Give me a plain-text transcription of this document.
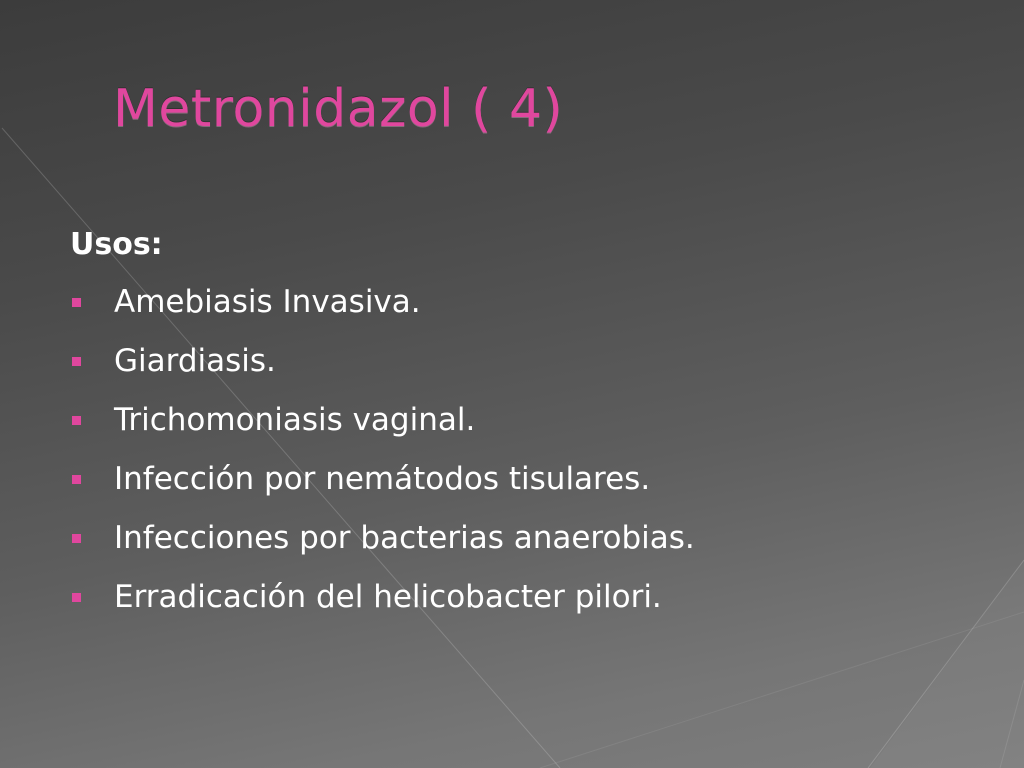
Metronidazol ( 4)
Usos:
Amebiasis Invasiva.
Giardiasis.
Trichomoniasis vaginal.
Infección por nemátodos tisulares.
Infecciones por bacterias anaerobias.
Erradicación del helicobacter pilori.
